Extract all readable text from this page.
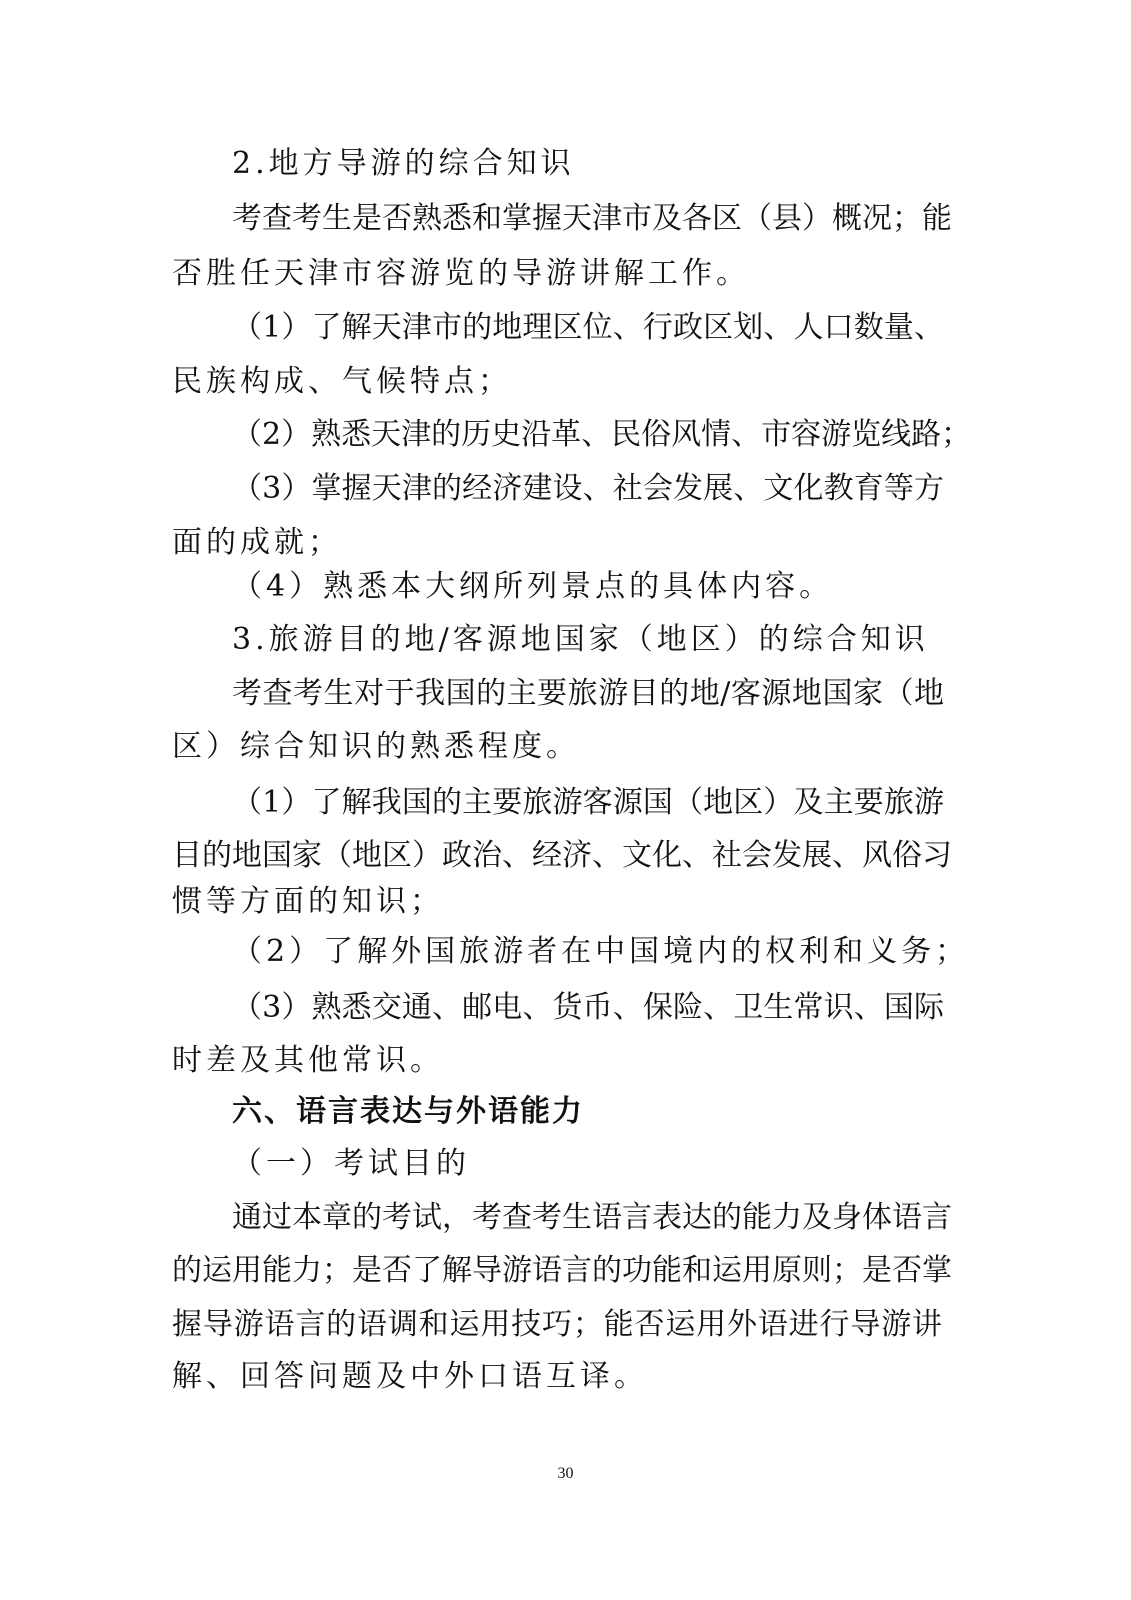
2.地方导游的综合知识
考查考生是否熟悉和掌握天津市及各区（县）概况；能
否胜任天津市容游览的导游讲解工作。
（1）了解天津市的地理区位、行政区划、人口数量、
民族构成、气候特点；
（2）熟悉天津的历史沿革、民俗风情、市容游览线路；
（3）掌握天津的经济建设、社会发展、文化教育等方
面的成就；
（4）熟悉本大纲所列景点的具体内容。
3.旅游目的地/客源地国家（地区）的综合知识
考查考生对于我国的主要旅游目的地/客源地国家（地
区）综合知识的熟悉程度。
（1）了解我国的主要旅游客源国（地区）及主要旅游
目的地国家（地区）政治、经济、文化、社会发展、风俗习
惯等方面的知识；
（2）了解外国旅游者在中国境内的权利和义务；
（3）熟悉交通、邮电、货币、保险、卫生常识、国际
时差及其他常识。
六、语言表达与外语能力
（一）考试目的
通过本章的考试，考查考生语言表达的能力及身体语言
的运用能力；是否了解导游语言的功能和运用原则；是否掌
握导游语言的语调和运用技巧；能否运用外语进行导游讲
解、回答问题及中外口语互译。
30
